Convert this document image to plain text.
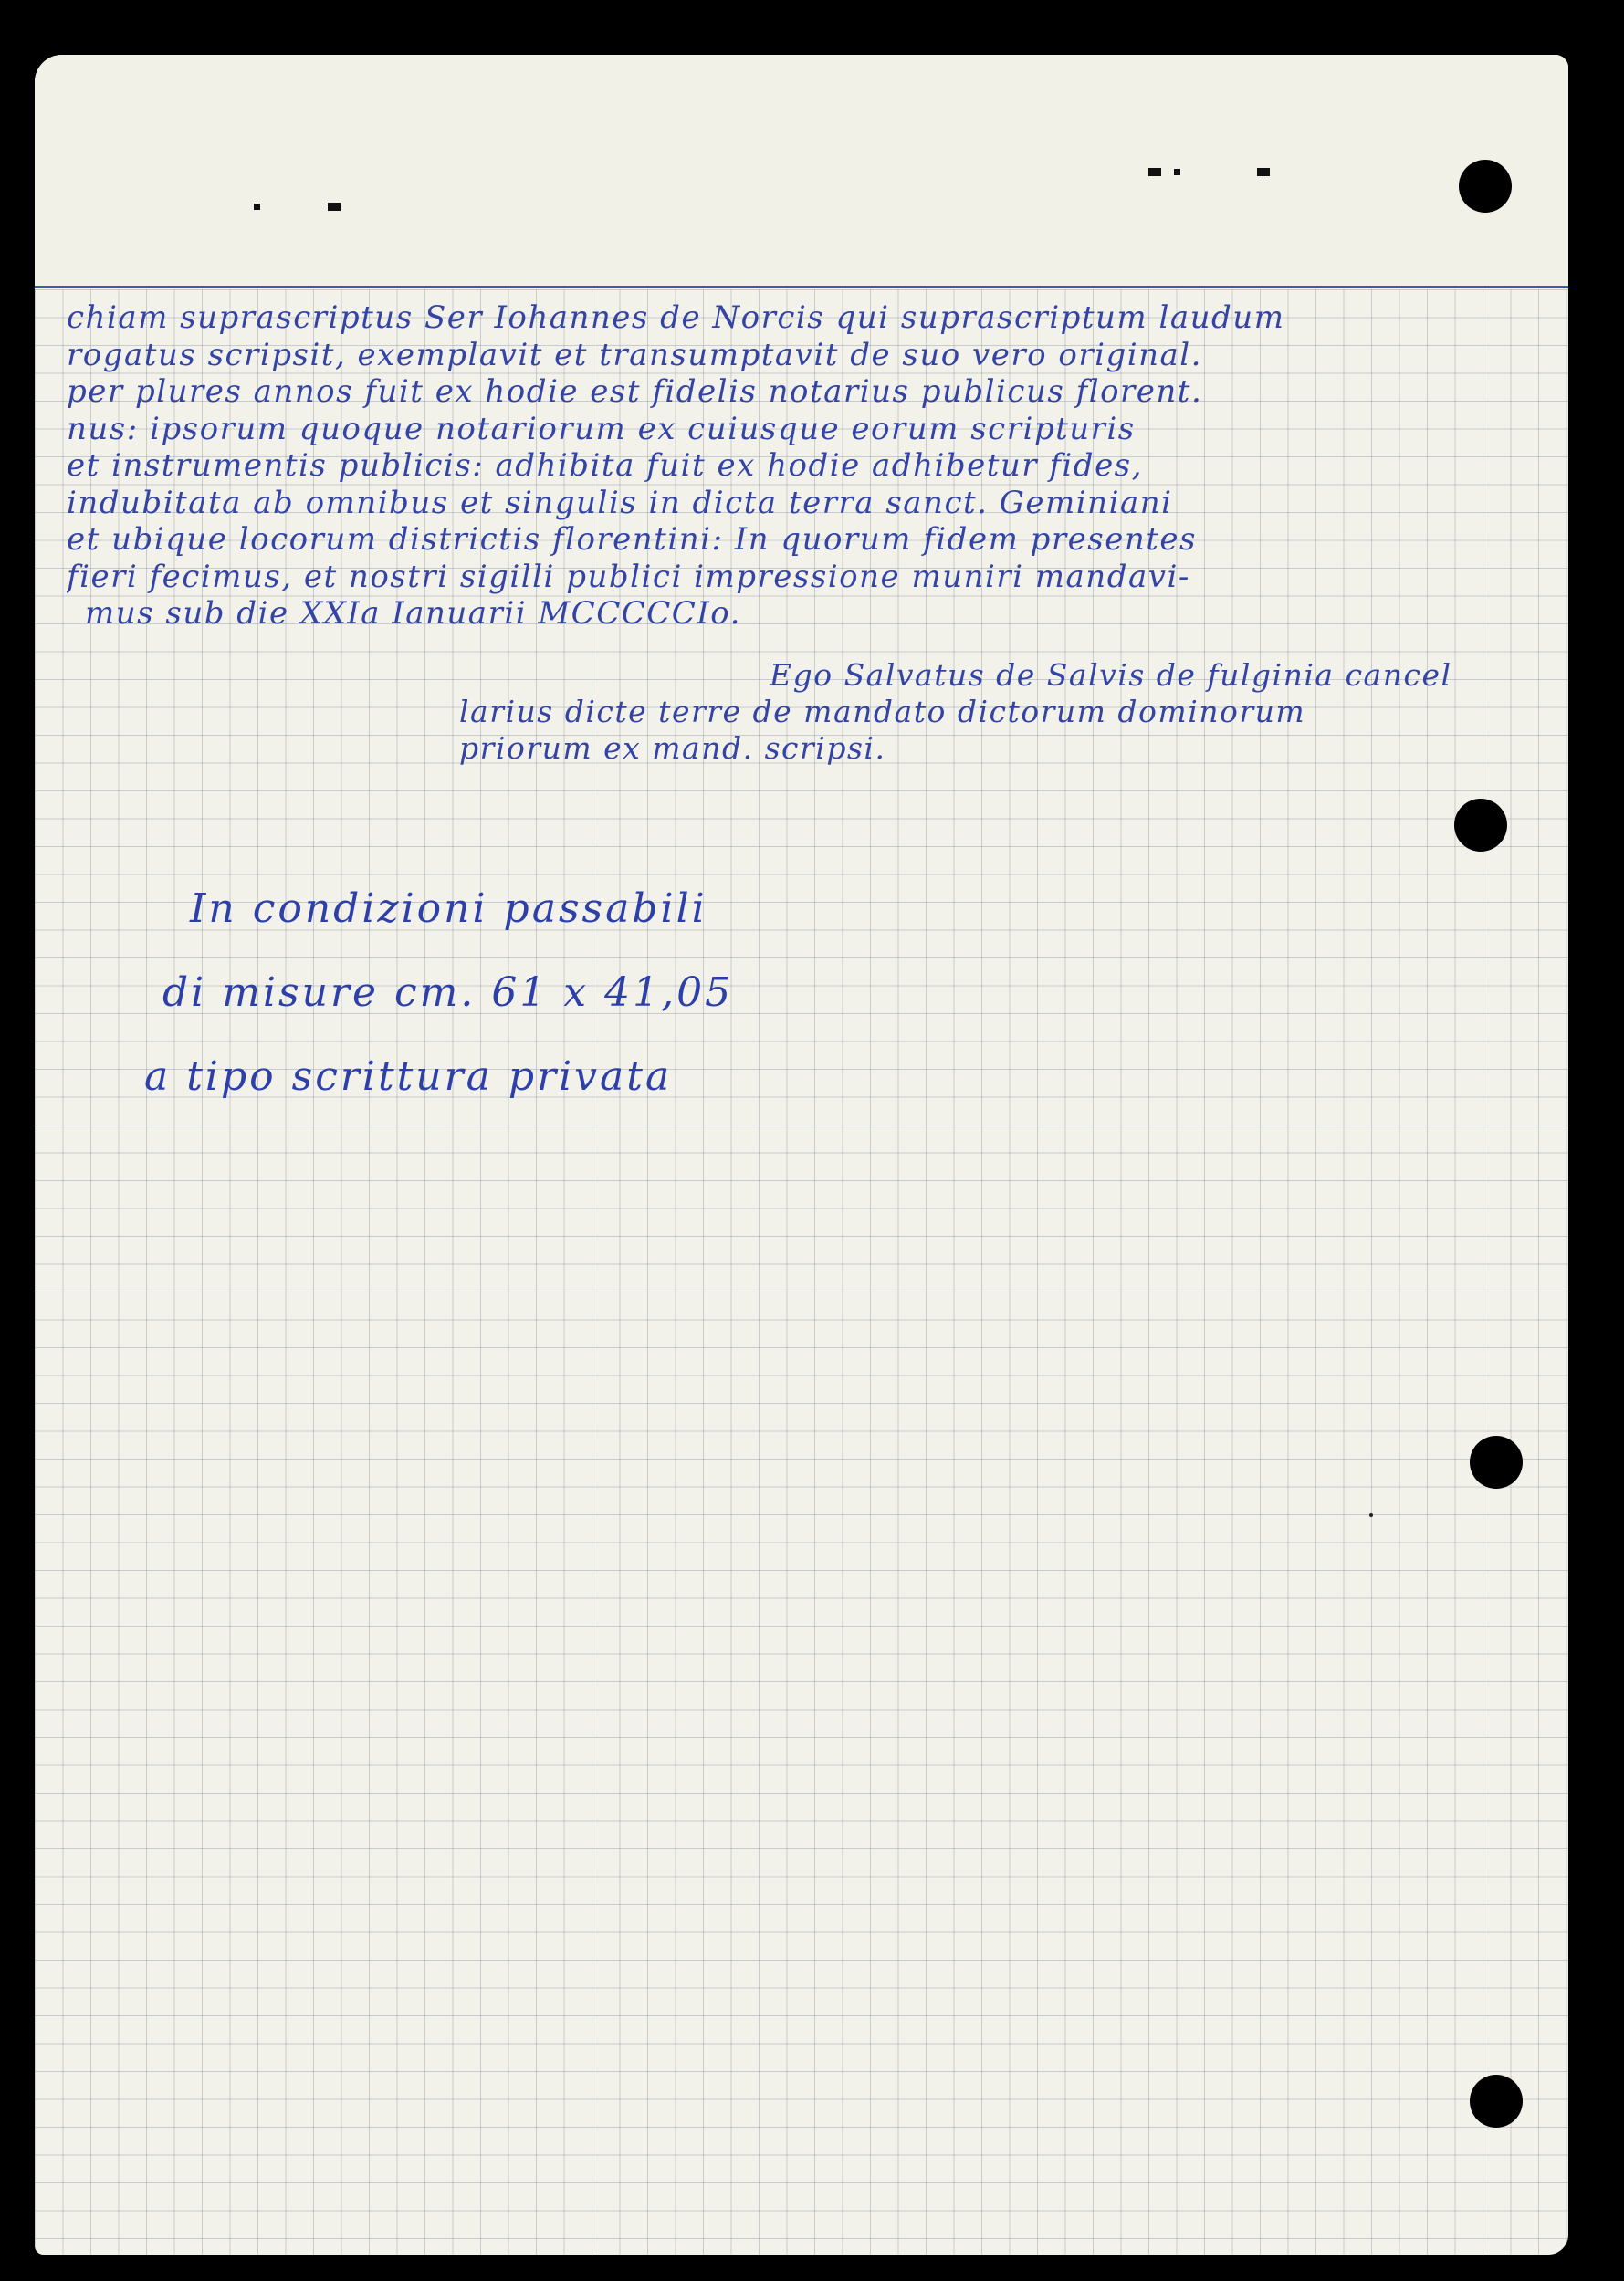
chiam suprascriptus Ser Iohannes de Norcis qui suprascriptum laudum
rogatus scripsit, exemplavit et transumptavit de suo vero original.
per plures annos fuit ex hodie est fidelis notarius publicus florent.
nus: ipsorum quoque notariorum ex cuiusque eorum scripturis
et instrumentis publicis: adhibita fuit ex hodie adhibetur fides,
indubitata ab omnibus et singulis in dicta terra sanct. Geminiani
et ubique locorum districtis florentini: In quorum fidem presentes
fieri fecimus, et nostri sigilli publici impressione muniri mandavi-
mus sub die XXIa Ianuarii MCCCCCIo.
Ego Salvatus de Salvis de fulginia cancel
larius dicte terre de mandato dictorum dominorum
priorum ex mand. scripsi.
In condizioni passabili
di misure cm. 61 x 41,05
a tipo scrittura privata
